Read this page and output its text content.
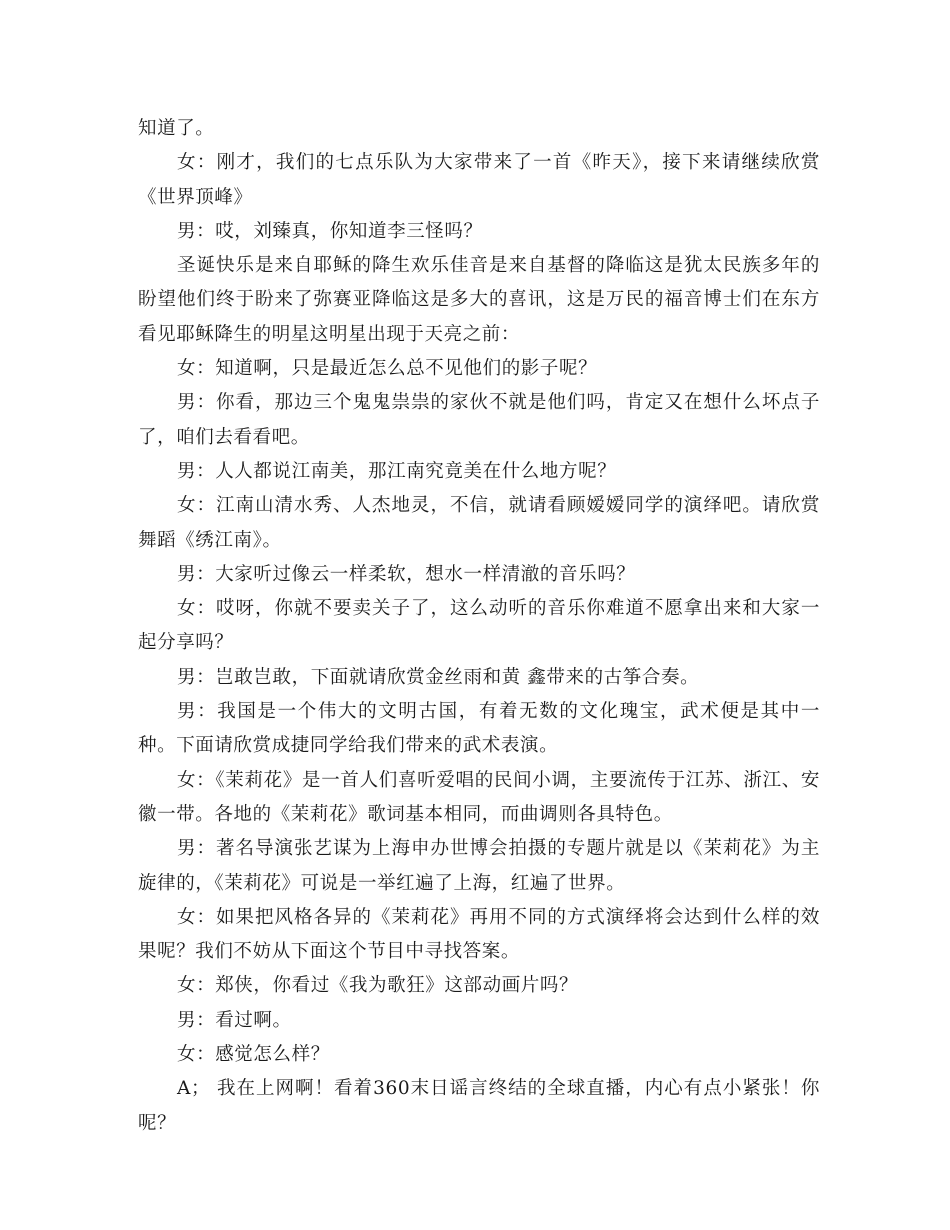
知道了。

女：刚才，我们的七点乐队为大家带来了一首《昨天》，接下来请继续欣赏《世界顶峰》

男：哎，刘臻真，你知道李三怪吗？

圣诞快乐是来自耶稣的降生欢乐佳音是来自基督的降临这是犹太民族多年的盼望他们终于盼来了弥赛亚降临这是多大的喜讯，这是万民的福音博士们在东方看见耶稣降生的明星这明星出现于天亮之前：

女：知道啊，只是最近怎么总不见他们的影子呢？

男：你看，那边三个鬼鬼祟祟的家伙不就是他们吗，肯定又在想什么坏点子了，咱们去看看吧。

男：人人都说江南美，那江南究竟美在什么地方呢？

女：江南山清水秀、人杰地灵，不信，就请看顾嫒嫒同学的演绎吧。请欣赏舞蹈《绣江南》。

男：大家听过像云一样柔软，想水一样清澈的音乐吗？

女：哎呀，你就不要卖关子了，这么动听的音乐你难道不愿拿出来和大家一起分享吗？

男：岂敢岂敢，下面就请欣赏金丝雨和黄 鑫带来的古筝合奏。

男：我国是一个伟大的文明古国，有着无数的文化瑰宝，武术便是其中一种。下面请欣赏成捷同学给我们带来的武术表演。

女：《茉莉花》是一首人们喜听爱唱的民间小调，主要流传于江苏、浙江、安徽一带。各地的《茉莉花》歌词基本相同，而曲调则各具特色。

男：著名导演张艺谋为上海申办世博会拍摄的专题片就是以《茉莉花》为主旋律的，《茉莉花》可说是一举红遍了上海，红遍了世界。

女：如果把风格各异的《茉莉花》再用不同的方式演绎将会达到什么样的效果呢？我们不妨从下面这个节目中寻找答案。

女：郑侠，你看过《我为歌狂》这部动画片吗？

男：看过啊。

女：感觉怎么样？

A； 我在上网啊！看着360末日谣言终结的全球直播，内心有点小紧张！你呢？
